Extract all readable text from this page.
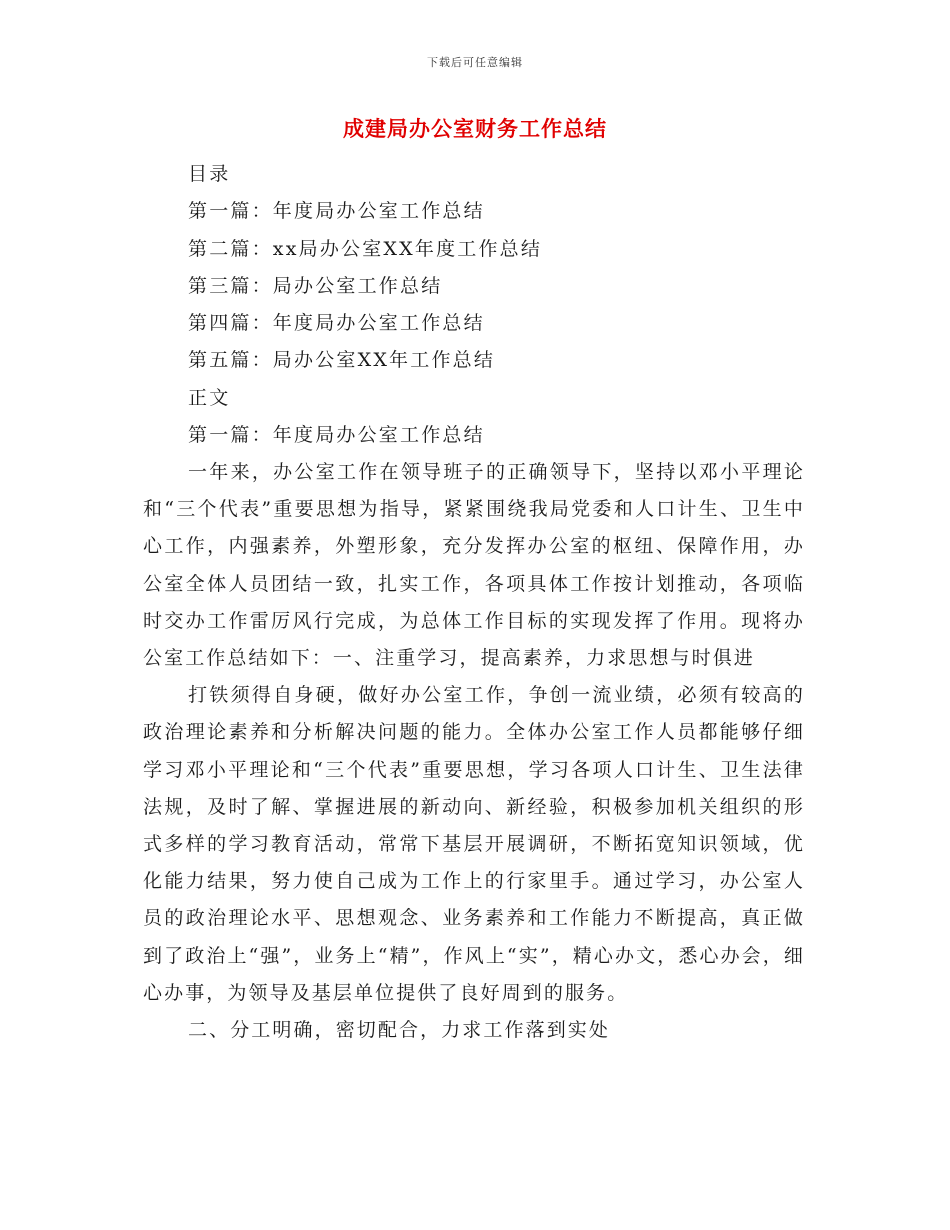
下载后可任意编辑
成建局办公室财务工作总结
目录
第一篇：年度局办公室工作总结
第二篇：xx局办公室XX年度工作总结
第三篇：局办公室工作总结
第四篇：年度局办公室工作总结
第五篇：局办公室XX年工作总结
正文
第一篇：年度局办公室工作总结

一年来，办公室工作在领导班子的正确领导下，坚持以邓小平理论和“三个代表”重要思想为指导，紧紧围绕我局党委和人口计生、卫生中心工作，内强素养，外塑形象，充分发挥办公室的枢纽、保障作用，办公室全体人员团结一致，扎实工作，各项具体工作按计划推动，各项临时交办工作雷厉风行完成，为总体工作目标的实现发挥了作用。现将办公室工作总结如下：一、注重学习，提高素养，力求思想与时俱进

打铁须得自身硬，做好办公室工作，争创一流业绩，必须有较高的政治理论素养和分析解决问题的能力。全体办公室工作人员都能够仔细学习邓小平理论和“三个代表”重要思想，学习各项人口计生、卫生法律法规，及时了解、掌握进展的新动向、新经验，积极参加机关组织的形式多样的学习教育活动，常常下基层开展调研，不断拓宽知识领域，优化能力结果，努力使自己成为工作上的行家里手。通过学习，办公室人员的政治理论水平、思想观念、业务素养和工作能力不断提高，真正做到了政治上“强”，业务上“精”，作风上“实”，精心办文，悉心办会，细心办事，为领导及基层单位提供了良好周到的服务。

二、分工明确，密切配合，力求工作落到实处
